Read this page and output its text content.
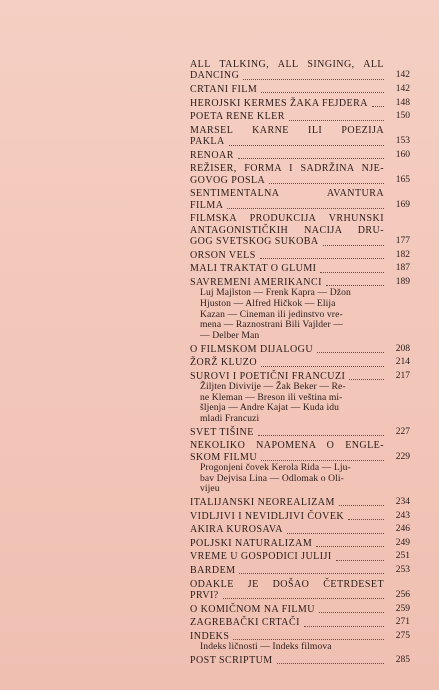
ALL TALKING, ALL SINGING, ALL
DANCING	142
CRTANI FILM	142
HEROJSKI KERMES ŽAKA FEJDERA	148
POETA RENE KLER	150
MARSEL KARNE ILI POEZIJA
PAKLA	153
RENOAR	160
REŽISER, FORMA I SADRŽINA NJE-
GOVOG POSLA	165
SENTIMENTALNA AVANTURA
FILMA	169
FILMSKA PRODUKCIJA VRHUNSKI
ANTAGONISTIČKIH NACIJA DRU-
GOG SVETSKOG SUKOBA	177
ORSON VELS	182
MALI TRAKTAT O GLUMI	187
SAVREMENI AMERIKANCI	189
Luj Majlston — Frenk Kapra — Džon
Hjuston — Alfred Hičkok — Elija
Kazan — Cineman ili jedinstvo vre-
mena — Raznostrani Bili Vajlder —
— Delber Man
O FILMSKOM DIJALOGU	208
ŽORŽ KLUZO	214
SUROVI I POETIČNI FRANCUZI	217
Žiljten Divivije — Žak Beker — Re-
ne Kleman — Breson ili veština mi-
šljenja — Andre Kajat — Kuda idu
mladi Francuzi
SVET TIŠINE	227
NEKOLIKO NAPOMENA O ENGLE-
SKOM FILMU	229
Progonjeni čovek Kerola Rida — Lju-
bav Dejvisa Lina — Odlomak o Oli-
vijeu
ITALIJANSKI NEOREALIZAM	234
VIDLJIVI I NEVIDLJIVI ČOVEK	243
AKIRA KUROSAVA	246
POLJSKI NATURALIZAM	249
VREME U GOSPODICI JULIJI	251
BARDEM	253
ODAKLE JE DOŠAO ČETRDESET
PRVI?	256
O KOMIČNOM NA FILMU	259
ZAGREBAČKI CRTAČI	271
INDEKS	275
Indeks ličnosti — Indeks filmova
POST SCRIPTUM	285
